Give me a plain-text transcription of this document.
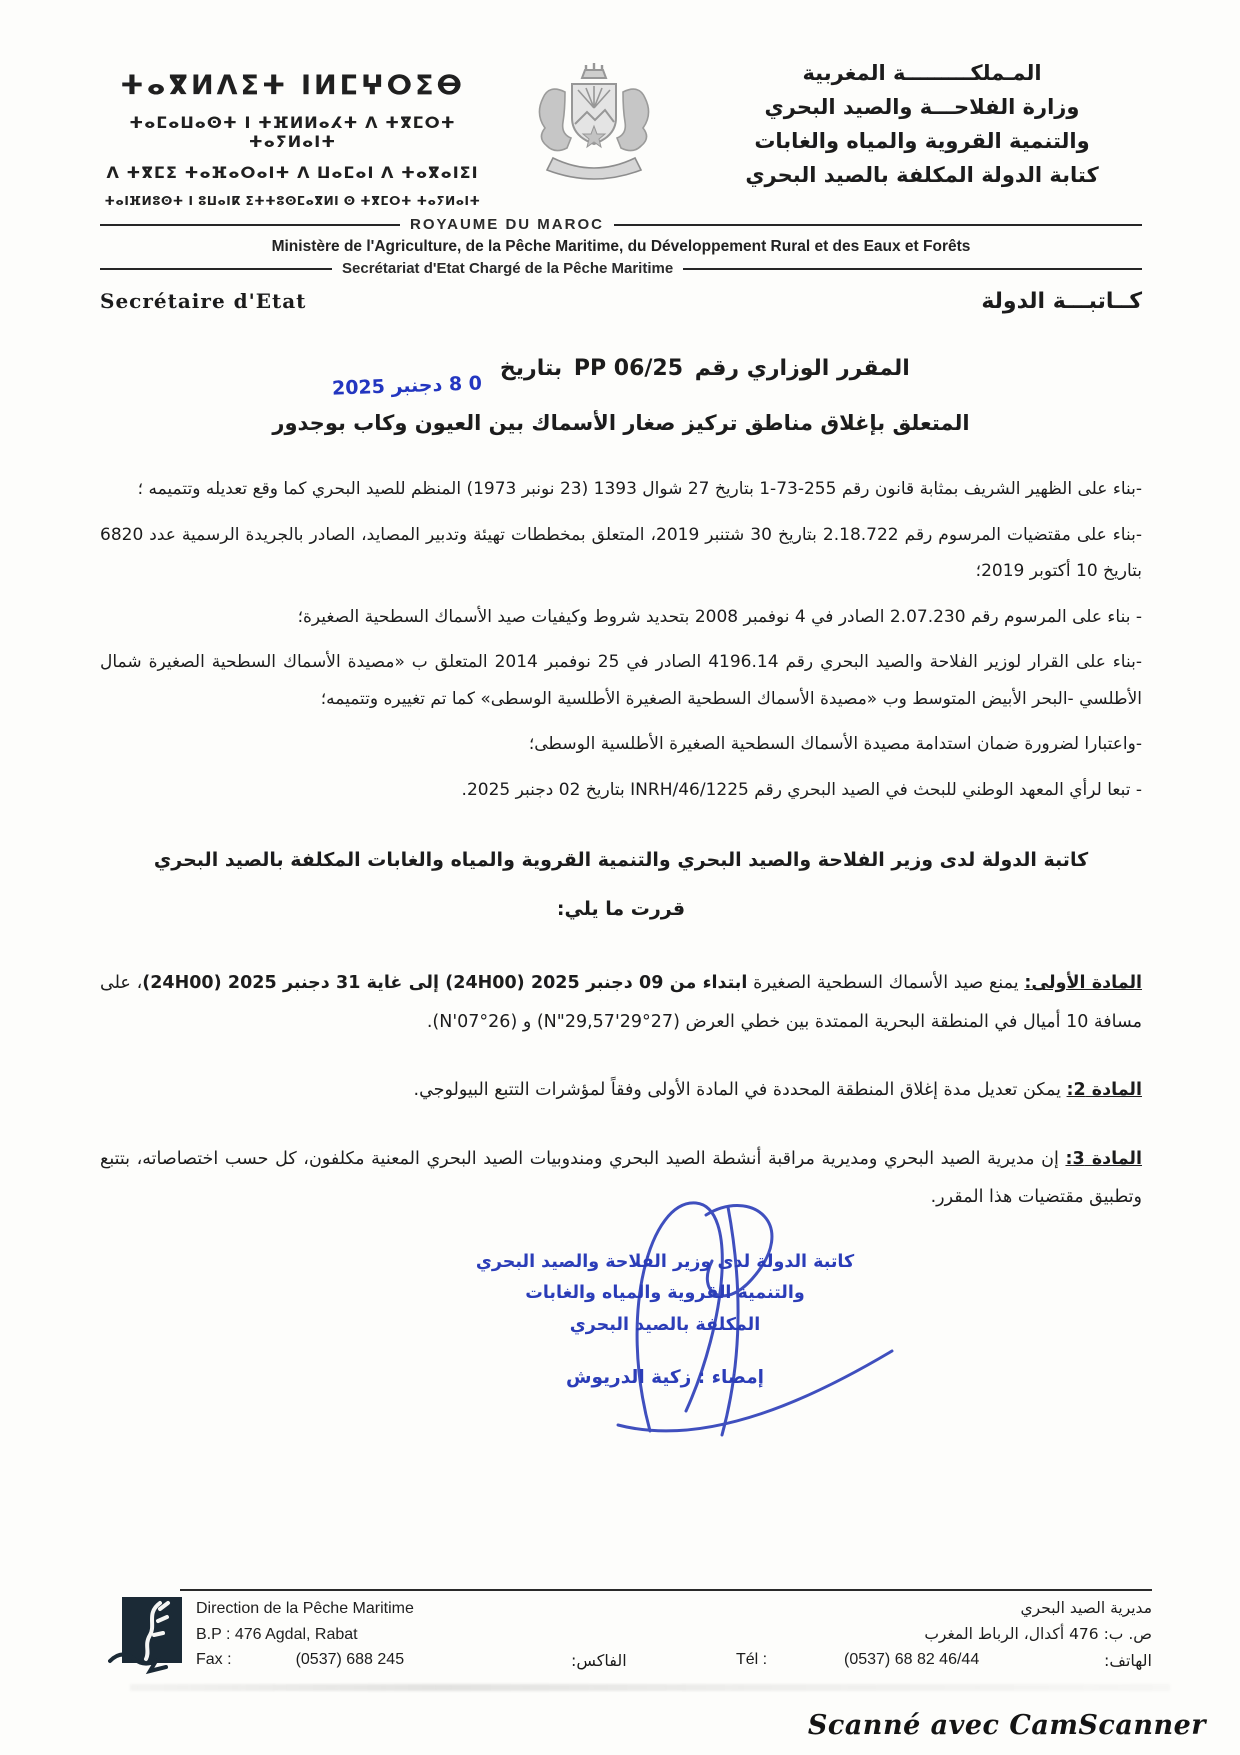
ⵜⴰⴳⵍⴷⵉⵜ ⵏⵍⵎⵖⵔⵉⴱ
ⵜⴰⵎⴰⵡⴰⵙⵜ ⵏ ⵜⴼⵍⵍⴰⵃⵜ ⴷ ⵜⴳⵎⵔⵜ ⵜⴰⵢⵍⴰⵏⵜ
ⴷ ⵜⴳⵎⵉ ⵜⴰⴼⴰⵔⴰⵏⵜ ⴷ ⵡⴰⵎⴰⵏ ⴷ ⵜⴰⴳⴰⵏⵉⵏ
ⵜⴰⵏⴼⵍⵓⵙⵜ ⵏ ⵓⵡⴰⵏⴽ ⵉⵜⵜⵓⵙⵎⴰⴳⵍⵏ ⵙ ⵜⴳⵎⵔⵜ ⵜⴰⵢⵍⴰⵏⵜ
المـملكـــــــــة المغربية
وزارة الفلاحـــة والصيد البحري
والتنمية القروية والمياه والغابات
كتابة الدولة المكلفة بالصيد البحري
ROYAUME DU MAROC
Ministère de l'Agriculture, de la Pêche Maritime, du Développement Rural et des Eaux et Forêts
Secrétariat d'Etat Chargé de la Pêche Maritime
Secrétaire d'Etat	كــاتبـــة الدولة
المقرر الوزاري رقم PP 06/25 بتاريخ 0 8 دجنبر 2025
المتعلق بإغلاق مناطق تركيز صغار الأسماك بين العيون وكاب بوجدور

-بناء على الظهير الشريف بمثابة قانون رقم 255-73-1 بتاريخ 27 شوال 1393 (23 نونبر 1973) المنظم للصيد البحري كما وقع تعديله وتتميمه ؛

-بناء على مقتضيات المرسوم رقم 2.18.722 بتاريخ 30 شتنبر 2019، المتعلق بمخططات تهيئة وتدبير المصايد، الصادر بالجريدة الرسمية عدد 6820 بتاريخ 10 أكتوبر 2019؛

- بناء على المرسوم رقم 2.07.230 الصادر في 4 نوفمبر 2008 بتحديد شروط وكيفيات صيد الأسماك السطحية الصغيرة؛

-بناء على القرار لوزير الفلاحة والصيد البحري رقم 4196.14 الصادر في 25 نوفمبر 2014 المتعلق ب «مصيدة الأسماك السطحية الصغيرة شمال الأطلسي -البحر الأبيض المتوسط وب «مصيدة الأسماك السطحية الصغيرة الأطلسية الوسطى» كما تم تغييره وتتميمه؛

-واعتبارا لضرورة ضمان استدامة مصيدة الأسماك السطحية الصغيرة الأطلسية الوسطى؛

- تبعا لرأي المعهد الوطني للبحث في الصيد البحري رقم 46/1225/INRH بتاريخ 02 دجنبر 2025.

كاتبة الدولة لدى وزير الفلاحة والصيد البحري والتنمية القروية والمياه والغابات المكلفة بالصيد البحري
قررت ما يلي:

المادة الأولى: يمنع صيد الأسماك السطحية الصغيرة ابتداء من 09 دجنبر 2025 (24H00) إلى غاية 31 دجنبر 2025 (24H00)، على مسافة 10 أميال في المنطقة البحرية الممتدة بين خطي العرض (27°29'29,57"N) و (26°07'N).

المادة 2: يمكن تعديل مدة إغلاق المنطقة المحددة في المادة الأولى وفقاً لمؤشرات التتبع البيولوجي.

المادة 3: إن مديرية الصيد البحري ومديرية مراقبة أنشطة الصيد البحري ومندوبيات الصيد البحري المعنية مكلفون، كل حسب اختصاصاته، بتتبع وتطبيق مقتضيات هذا المقرر.

كاتبة الدولة لدى وزير الفلاحة والصيد البحري
والتنمية القروية والمياه والغابات
المكلفة بالصيد البحري
إمضاء : زكية الدريوش
Direction de la Pêche Maritime	مديرية الصيد البحري
B.P : 476 Agdal, Rabat	ص. ب: 476 أكدال، الرباط المغرب
Fax :	(0537) 688 245	الفاكس:	Tél :	(0537) 68 82 46/44	الهاتف:
Scanné avec CamScanner
